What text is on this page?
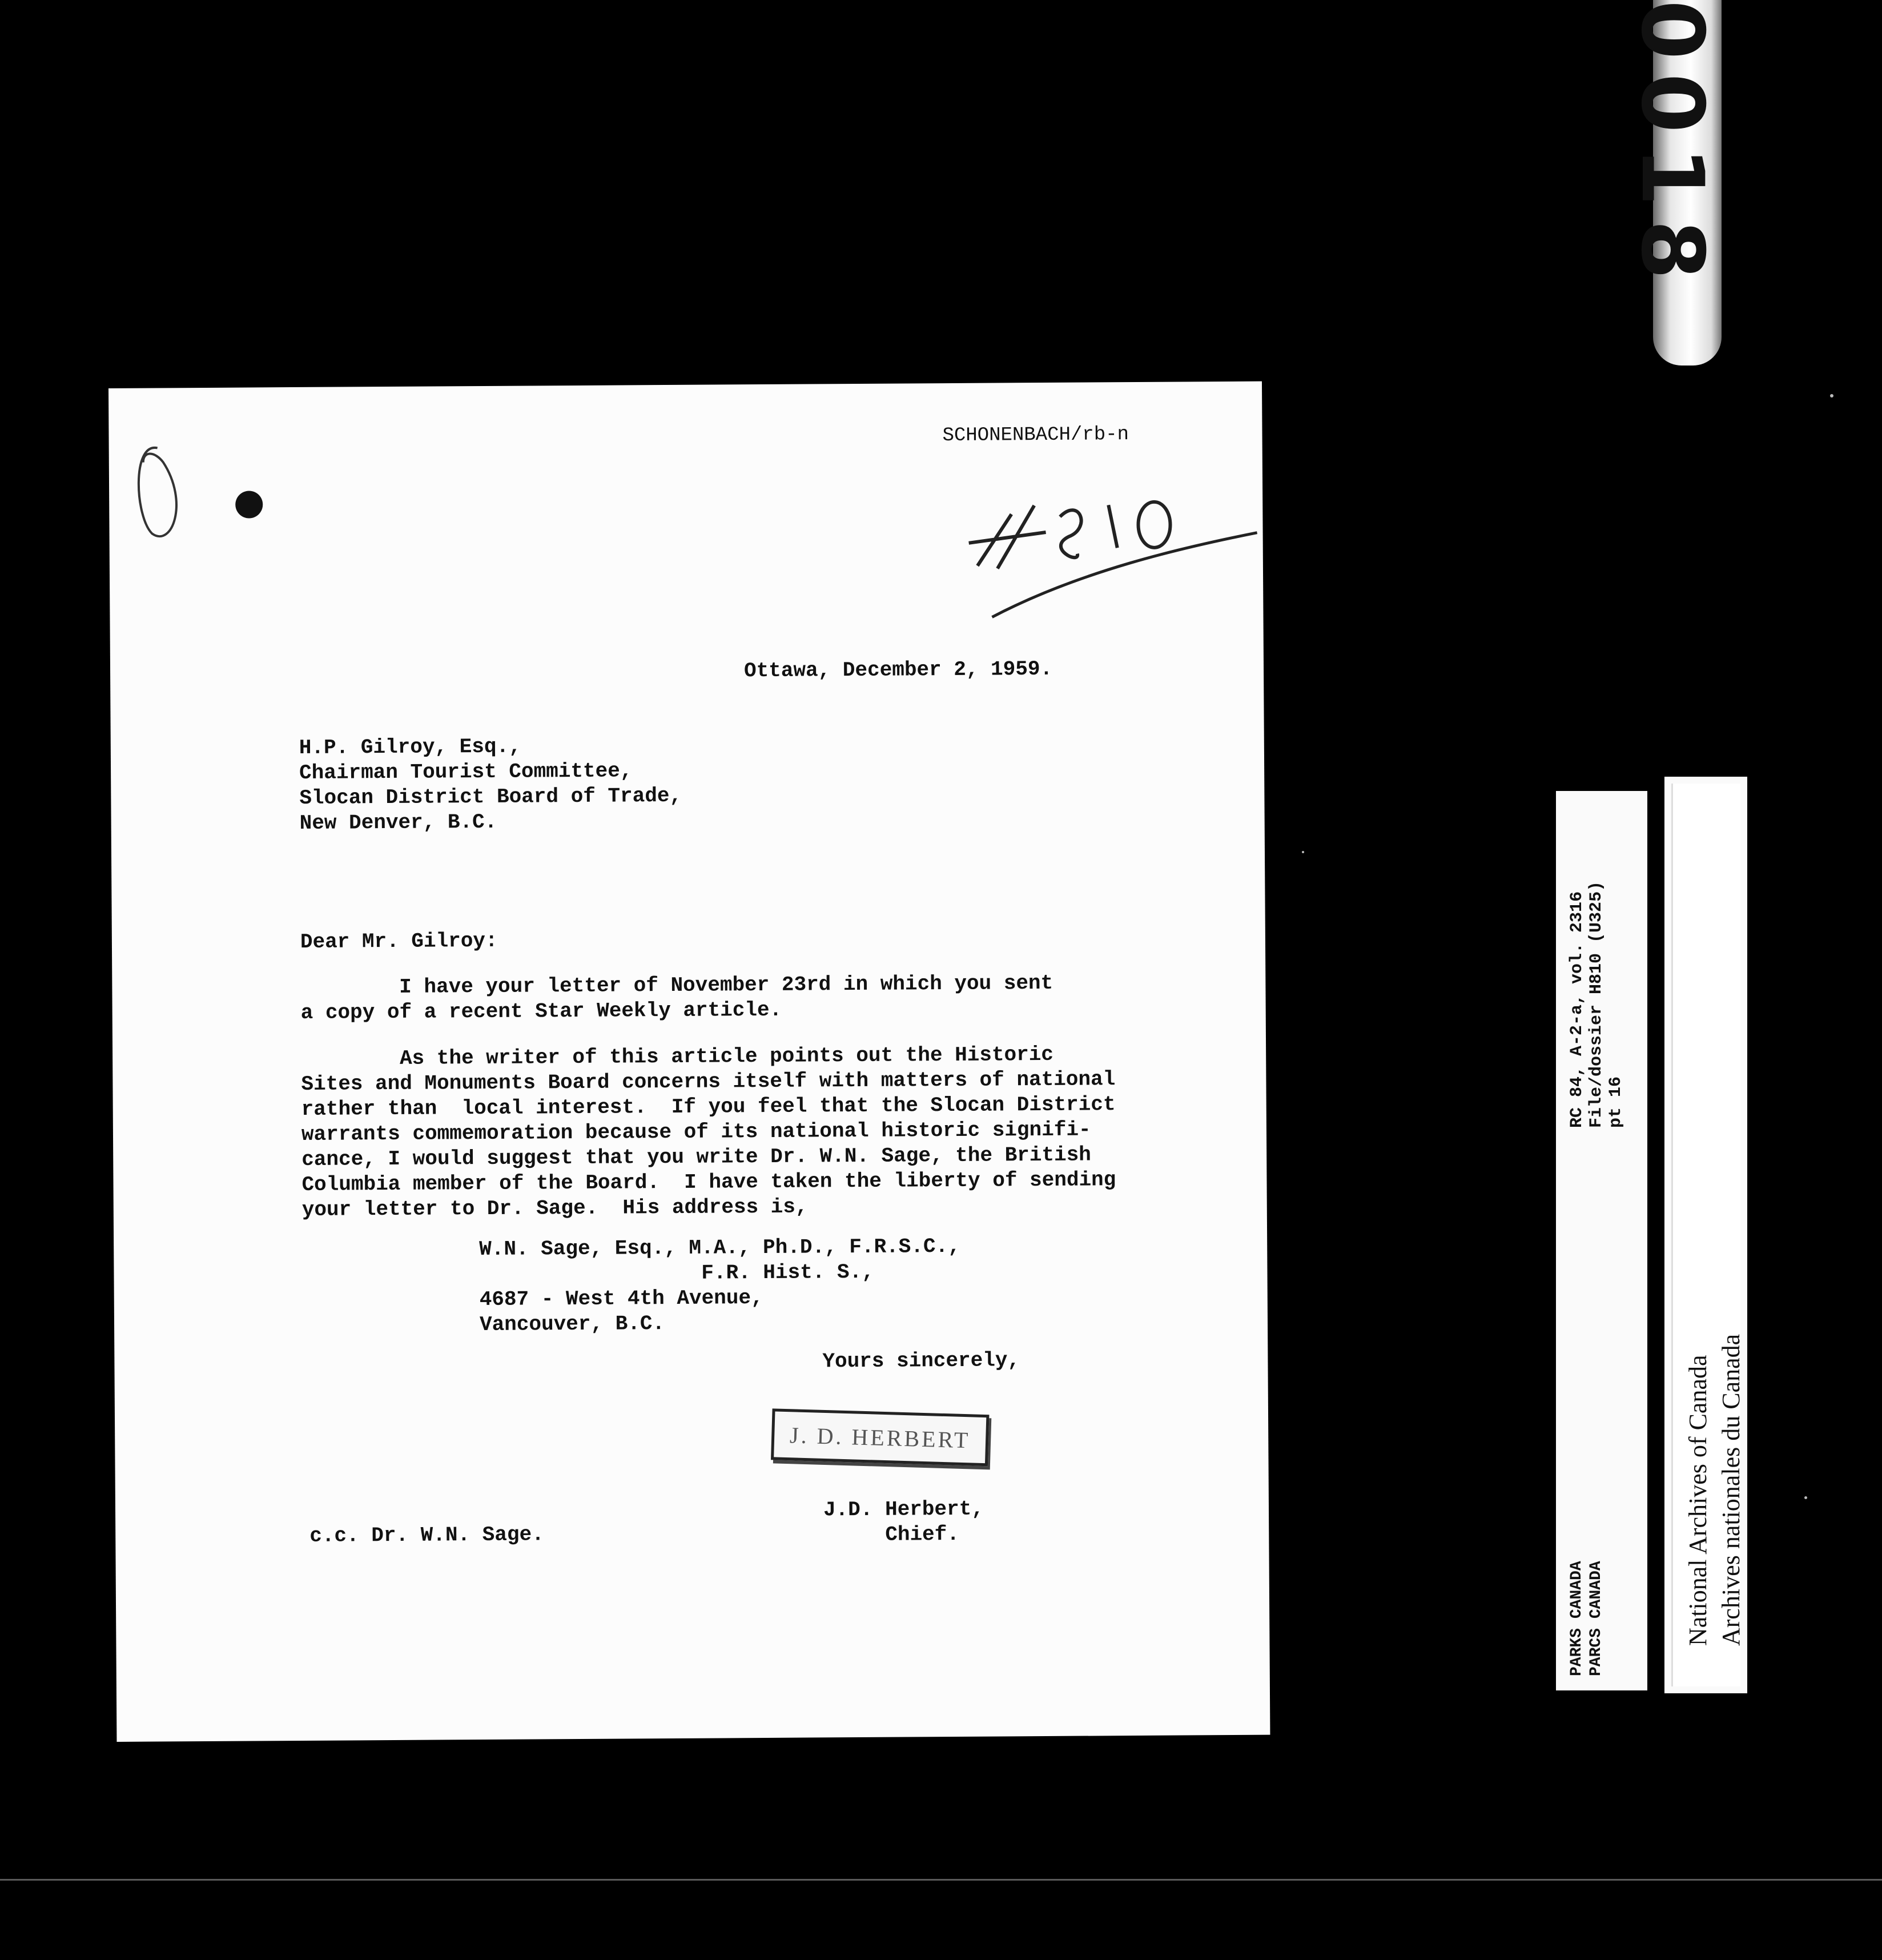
0018
SCHONENBACH/rb-n
Ottawa, December 2, 1959.
H.P. Gilroy, Esq.,
Chairman Tourist Committee,
Slocan District Board of Trade,
New Denver, B.C.
Dear Mr. Gilroy:
I have your letter of November 23rd in which you sent
a copy of a recent Star Weekly article.
As the writer of this article points out the Historic
Sites and Monuments Board concerns itself with matters of national
rather than  local interest.  If you feel that the Slocan District
warrants commemoration because of its national historic signifi-
cance, I would suggest that you write Dr. W.N. Sage, the British
Columbia member of the Board.  I have taken the liberty of sending
your letter to Dr. Sage.  His address is,
W.N. Sage, Esq., M.A., Ph.D., F.R.S.C.,
F.R. Hist. S.,
4687 - West 4th Avenue,
Vancouver, B.C.
Yours sincerely,
J. D. HERBERT
J.D. Herbert,
Chief.
c.c. Dr. W.N. Sage.
RC 84, A-2-a, vol. 2316
File/dossier H810 (U325)
pt 16
PARKS CANADA
PARCS CANADA	National Archives of Canada
Archives nationales du Canada
